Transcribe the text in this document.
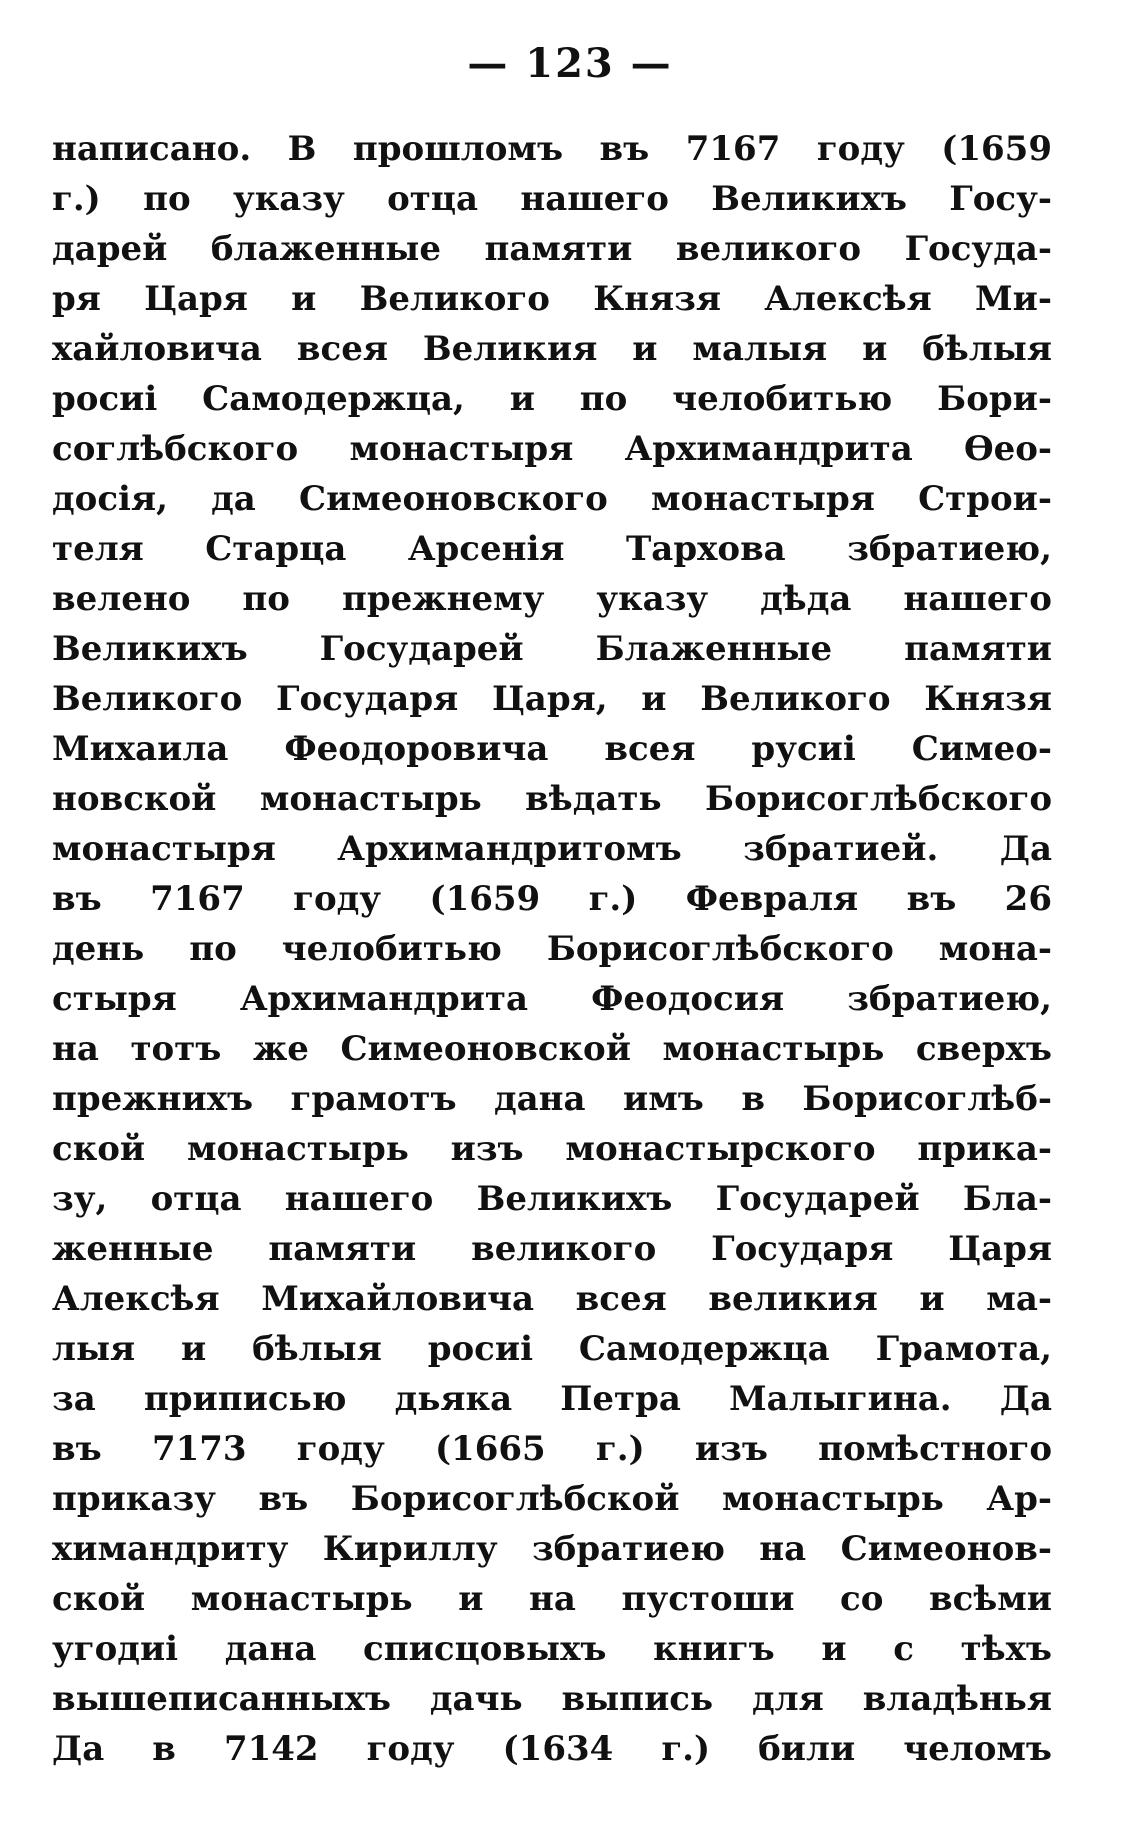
— 123 —
написано. В прошломъ въ 7167 году (1659
г.) по указу отца нашего Великихъ Госу-
дарей блаженные памяти великого Госуда-
ря Царя и Великого Князя Алексѣя Ми-
хайловича всея Великия и малыя и бѣлыя
росиі Самодержца, и по челобитью Бори-
соглѣбского монастыря Архимандрита Ѳео-
досія, да Симеоновского монастыря Строи-
теля Старца Арсенія Тархова збратиею,
велено по прежнему указу дѣда нашего
Великихъ Государей Блаженные памяти
Великого Государя Царя, и Великого Князя
Михаила Феодоровича всея русиі Симео-
новской монастырь вѣдать Борисоглѣбского
монастыря Архимандритомъ збратией. Да
въ 7167 году (1659 г.) Февраля въ 26
день по челобитью Борисоглѣбского мона-
стыря Архимандрита Феодосия збратиею,
на тотъ же Симеоновской монастырь сверхъ
прежнихъ грамотъ дана имъ в Борисоглѣб-
ской монастырь изъ монастырского прика-
зу, отца нашего Великихъ Государей Бла-
женные памяти великого Государя Царя
Алексѣя Михайловича всея великия и ма-
лыя и бѣлыя росиі Самодержца Грамота,
за приписью дьяка Петра Малыгина. Да
въ 7173 году (1665 г.) изъ помѣстного
приказу въ Борисоглѣбской монастырь Ар-
химандриту Кириллу збратиею на Симеонов-
ской монастырь и на пустоши со всѣми
угодиі дана списцовыхъ книгъ и с тѣхъ
вышеписанныхъ дачь выпись для владѣнья
Да в 7142 году (1634 г.) били челомъ
